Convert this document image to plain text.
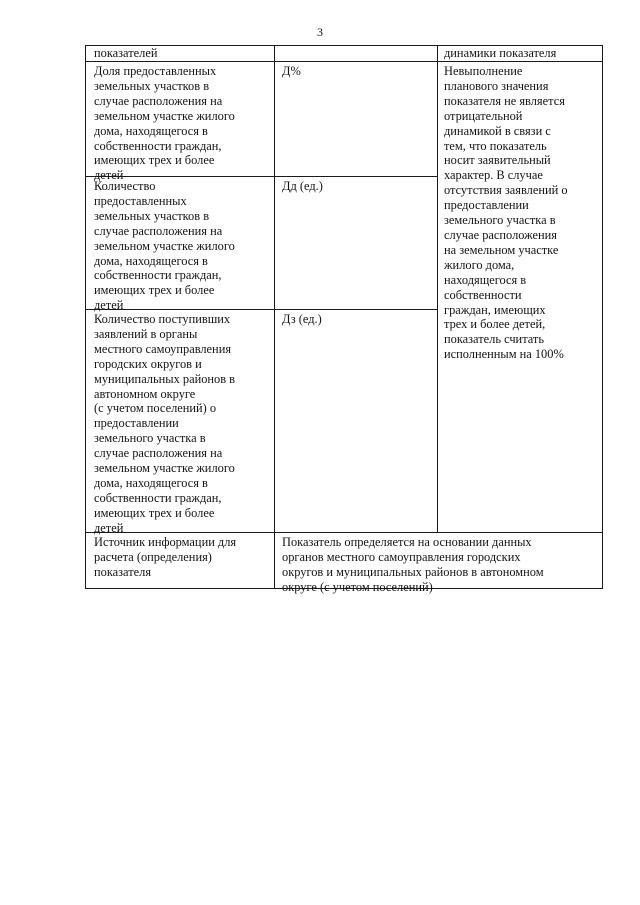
3
показателей	динамики показателя
Доля предоставленных
земельных участков в
случае расположения на
земельном участке жилого
дома, находящегося в
собственности граждан,
имеющих трех и более
детей
Д%	Невыполнение
планового значения
показателя не является
отрицательной
динамикой в связи с
тем, что показатель
носит заявительный
характер. В случае
отсутствия заявлений о
предоставлении
земельного участка в
случае расположения
на земельном участке
жилого дома,
находящегося в
собственности
граждан, имеющих
трех и более детей,
показатель считать
исполненным на 100%
Количество
предоставленных
земельных участков в
случае расположения на
земельном участке жилого
дома, находящегося в
собственности граждан,
имеющих трех и более
детей
Дд (ед.)
Количество поступивших
заявлений в органы
местного самоуправления
городских округов и
муниципальных районов в
автономном округе
(с учетом поселений) о
предоставлении
земельного участка в
случае расположения на
земельном участке жилого
дома, находящегося в
собственности граждан,
имеющих трех и более
детей
Дз (ед.)
Источник информации для
расчета (определения)
показателя
Показатель определяется на основании данных
органов местного самоуправления городских
округов и муниципальных районов в автономном
округе (с учетом поселений)
